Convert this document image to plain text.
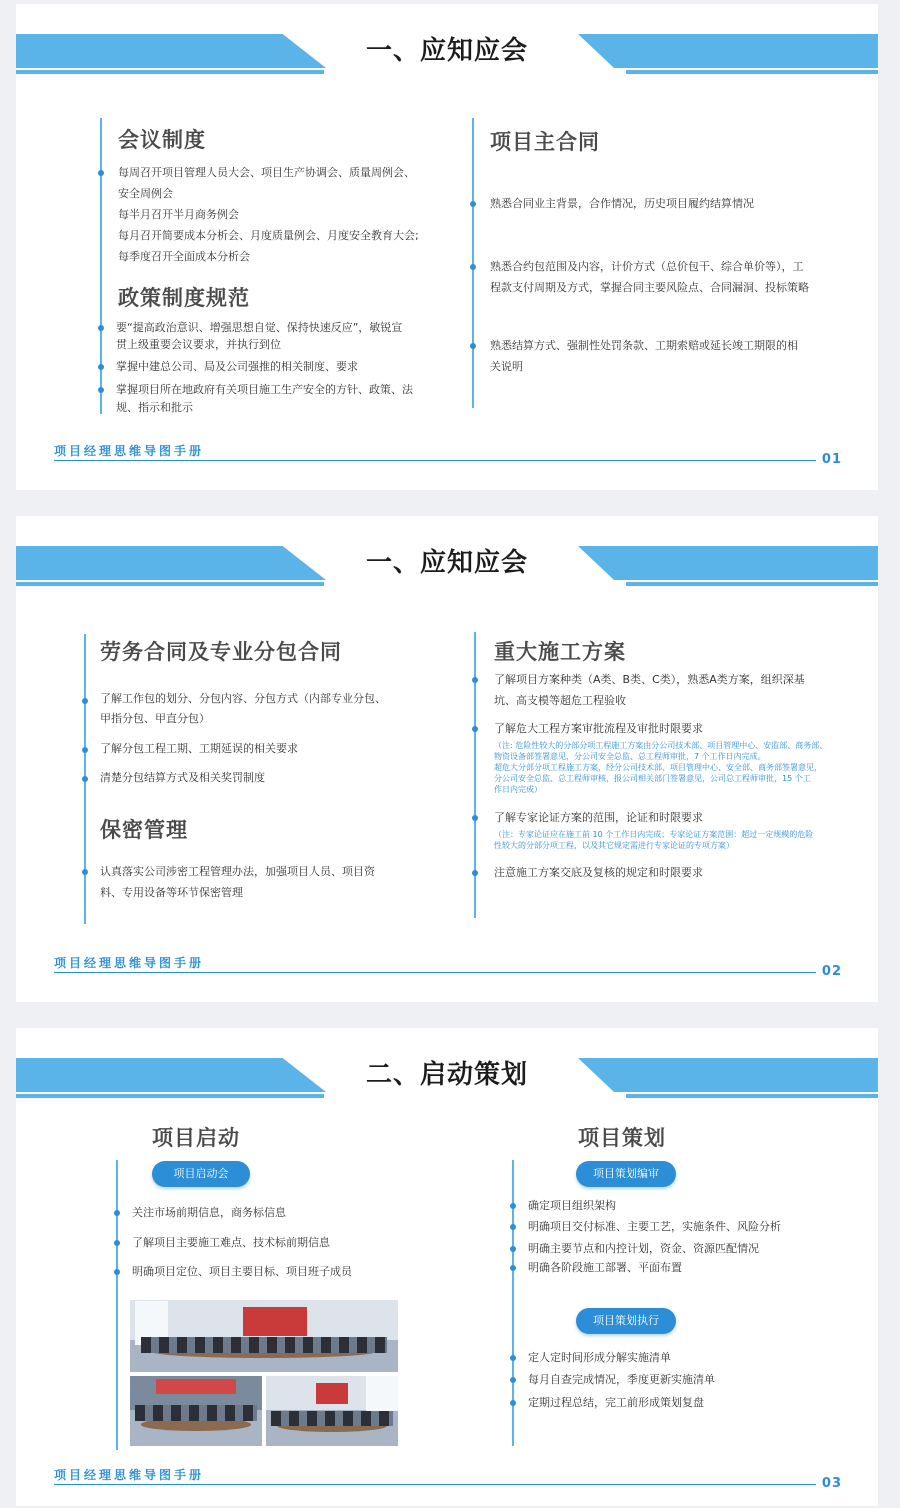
一、应知应会
会议制度
每周召开项目管理人员大会、项目生产协调会、质量周例会、
安全周例会
每半月召开半月商务例会
每月召开简要成本分析会、月度质量例会、月度安全教育大会;
每季度召开全面成本分析会
政策制度规范
要“提高政治意识、增强思想自觉、保持快速反应”，敏锐宣
贯上级重要会议要求，并执行到位
掌握中建总公司、局及公司强推的相关制度、要求
掌握项目所在地政府有关项目施工生产安全的方针、政策、法
规、指示和批示
项目主合同
熟悉合同业主背景，合作情况，历史项目履约结算情况
熟悉合约包范围及内容，计价方式（总价包干、综合单价等），工
程款支付周期及方式，掌握合同主要风险点、合同漏洞、投标策略
熟悉结算方式、强制性处罚条款、工期索赔或延长竣工期限的相
关说明
项目经理思维导图手册
01
一、应知应会
劳务合同及专业分包合同
了解工作包的划分、分包内容、分包方式（内部专业分包、
甲指分包、甲直分包）
了解分包工程工期、工期延误的相关要求
清楚分包结算方式及相关奖罚制度
保密管理
认真落实公司涉密工程管理办法，加强项目人员、项目资
料、专用设备等环节保密管理
重大施工方案
了解项目方案种类（A类、B类、C类），熟悉A类方案，组织深基
坑、高支模等超危工程验收
了解危大工程方案审批流程及审批时限要求
（注: 危险性较大的分部分项工程施工方案由分公司技术部、项目管理中心、安监部、商务部、
物资设备部签署意见，分公司安全总监、总工程师审批，7 个工作日内完成。
超危大分部分项工程施工方案，经分公司技术部、项目管理中心、安全部、商务部签署意见，
分公司安全总监、总工程师审核，报公司相关部门签署意见，公司总工程师审批，15 个工
作日内完成）
了解专家论证方案的范围，论证和时限要求
（注：专家论证应在施工前 10 个工作日内完成；专家论证方案范围：超过一定规模的危险
性较大的分部分项工程，以及其它规定需进行专家论证的专项方案）
注意施工方案交底及复核的规定和时限要求
项目经理思维导图手册
02
二、启动策划
项目启动
项目启动会
关注市场前期信息，商务标信息
了解项目主要施工难点、技术标前期信息
明确项目定位、项目主要目标、项目班子成员
项目策划
项目策划编审
确定项目组织架构
明确项目交付标准、主要工艺，实施条件、风险分析
明确主要节点和内控计划，资金、资源匹配情况
明确各阶段施工部署、平面布置
项目策划执行
定人定时间形成分解实施清单
每月自查完成情况，季度更新实施清单
定期过程总结，完工前形成策划复盘
项目经理思维导图手册
03
